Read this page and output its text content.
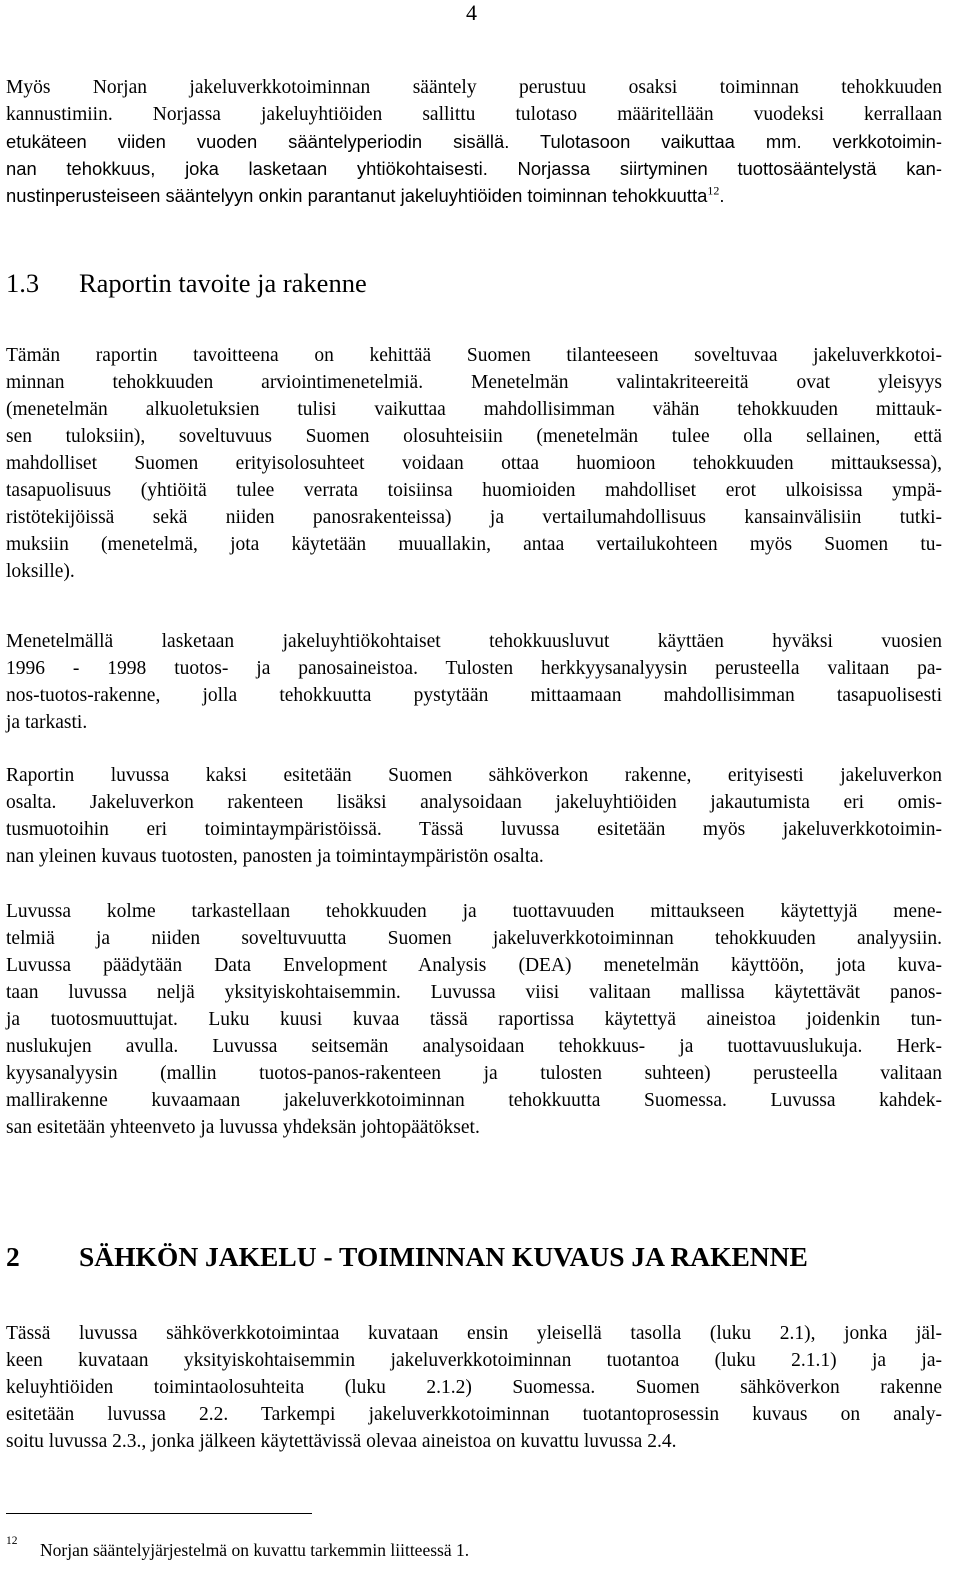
4
Myös Norjan jakeluverkkotoiminnan sääntely perustuu osaksi toiminnan tehokkuuden
kannustimiin. Norjassa jakeluyhtiöiden sallittu tulotaso määritellään vuodeksi kerrallaan
etukäteen viiden vuoden sääntelyperiodin sisällä. Tulotasoon vaikuttaa mm. verkkotoimin-
nan tehokkuus, joka lasketaan yhtiökohtaisesti. Norjassa siirtyminen tuottosääntelystä kan-
nustinperusteiseen sääntelyyn onkin parantanut jakeluyhtiöiden toiminnan tehokkuutta$^{12}$.
1.3 Raportin tavoite ja rakenne
Tämän raportin tavoitteena on kehittää Suomen tilanteeseen soveltuvaa jakeluverkkotoi-
minnan tehokkuuden arviointimenetelmiä. Menetelmän valintakriteereitä ovat yleisyys
(menetelmän alkuoletuksien tulisi vaikuttaa mahdollisimman vähän tehokkuuden mittauk-
sen tuloksiin), soveltuvuus Suomen olosuhteisiin (menetelmän tulee olla sellainen, että
mahdolliset Suomen erityisolosuhteet voidaan ottaa huomioon tehokkuuden mittauksessa),
tasapuolisuus (yhtiöitä tulee verrata toisiinsa huomioiden mahdolliset erot ulkoisissa ympä-
ristötekijöissä sekä niiden panosrakenteissa) ja vertailumahdollisuus kansainvälisiin tutki-
muksiin (menetelmä, jota käytetään muuallakin, antaa vertailukohteen myös Suomen tu-
loksille).
Menetelmällä lasketaan jakeluyhtiökohtaiset tehokkuusluvut käyttäen hyväksi vuosien
1996 - 1998 tuotos- ja panosaineistoa. Tulosten herkkyysanalyysin perusteella valitaan pa-
nos-tuotos-rakenne, jolla tehokkuutta pystytään mittaamaan mahdollisimman tasapuolisesti
ja tarkasti.
Raportin luvussa kaksi esitetään Suomen sähköverkon rakenne, erityisesti jakeluverkon
osalta. Jakeluverkon rakenteen lisäksi analysoidaan jakeluyhtiöiden jakautumista eri omis-
tusmuotoihin eri toimintaympäristöissä. Tässä luvussa esitetään myös jakeluverkkotoimin-
nan yleinen kuvaus tuotosten, panosten ja toimintaympäristön osalta.
Luvussa kolme tarkastellaan tehokkuuden ja tuottavuuden mittaukseen käytettyjä mene-
telmiä ja niiden soveltuvuutta Suomen jakeluverkkotoiminnan tehokkuuden analyysiin.
Luvussa päädytään Data Envelopment Analysis (DEA) menetelmän käyttöön, jota kuva-
taan luvussa neljä yksityiskohtaisemmin. Luvussa viisi valitaan mallissa käytettävät panos-
ja tuotosmuuttujat. Luku kuusi kuvaa tässä raportissa käytettyä aineistoa joidenkin tun-
nuslukujen avulla. Luvussa seitsemän analysoidaan tehokkuus- ja tuottavuuslukuja. Herk-
kyysanalyysin (mallin tuotos-panos-rakenteen ja tulosten suhteen) perusteella valitaan
mallirakenne kuvaamaan jakeluverkkotoiminnan tehokkuutta Suomessa. Luvussa kahdek-
san esitetään yhteenveto ja luvussa yhdeksän johtopäätökset.
2 SÄHKÖN JAKELU - TOIMINNAN KUVAUS JA RAKENNE
Tässä luvussa sähköverkkotoimintaa kuvataan ensin yleisellä tasolla (luku 2.1), jonka jäl-
keen kuvataan yksityiskohtaisemmin jakeluverkkotoiminnan tuotantoa (luku 2.1.1) ja ja-
keluyhtiöiden toimintaolosuhteita (luku 2.1.2) Suomessa. Suomen sähköverkon rakenne
esitetään luvussa 2.2. Tarkempi jakeluverkkotoiminnan tuotantoprosessin kuvaus on analy-
soitu luvussa 2.3., jonka jälkeen käytettävissä olevaa aineistoa on kuvattu luvussa 2.4.
12 Norjan sääntelyjärjestelmä on kuvattu tarkemmin liitteessä 1.
